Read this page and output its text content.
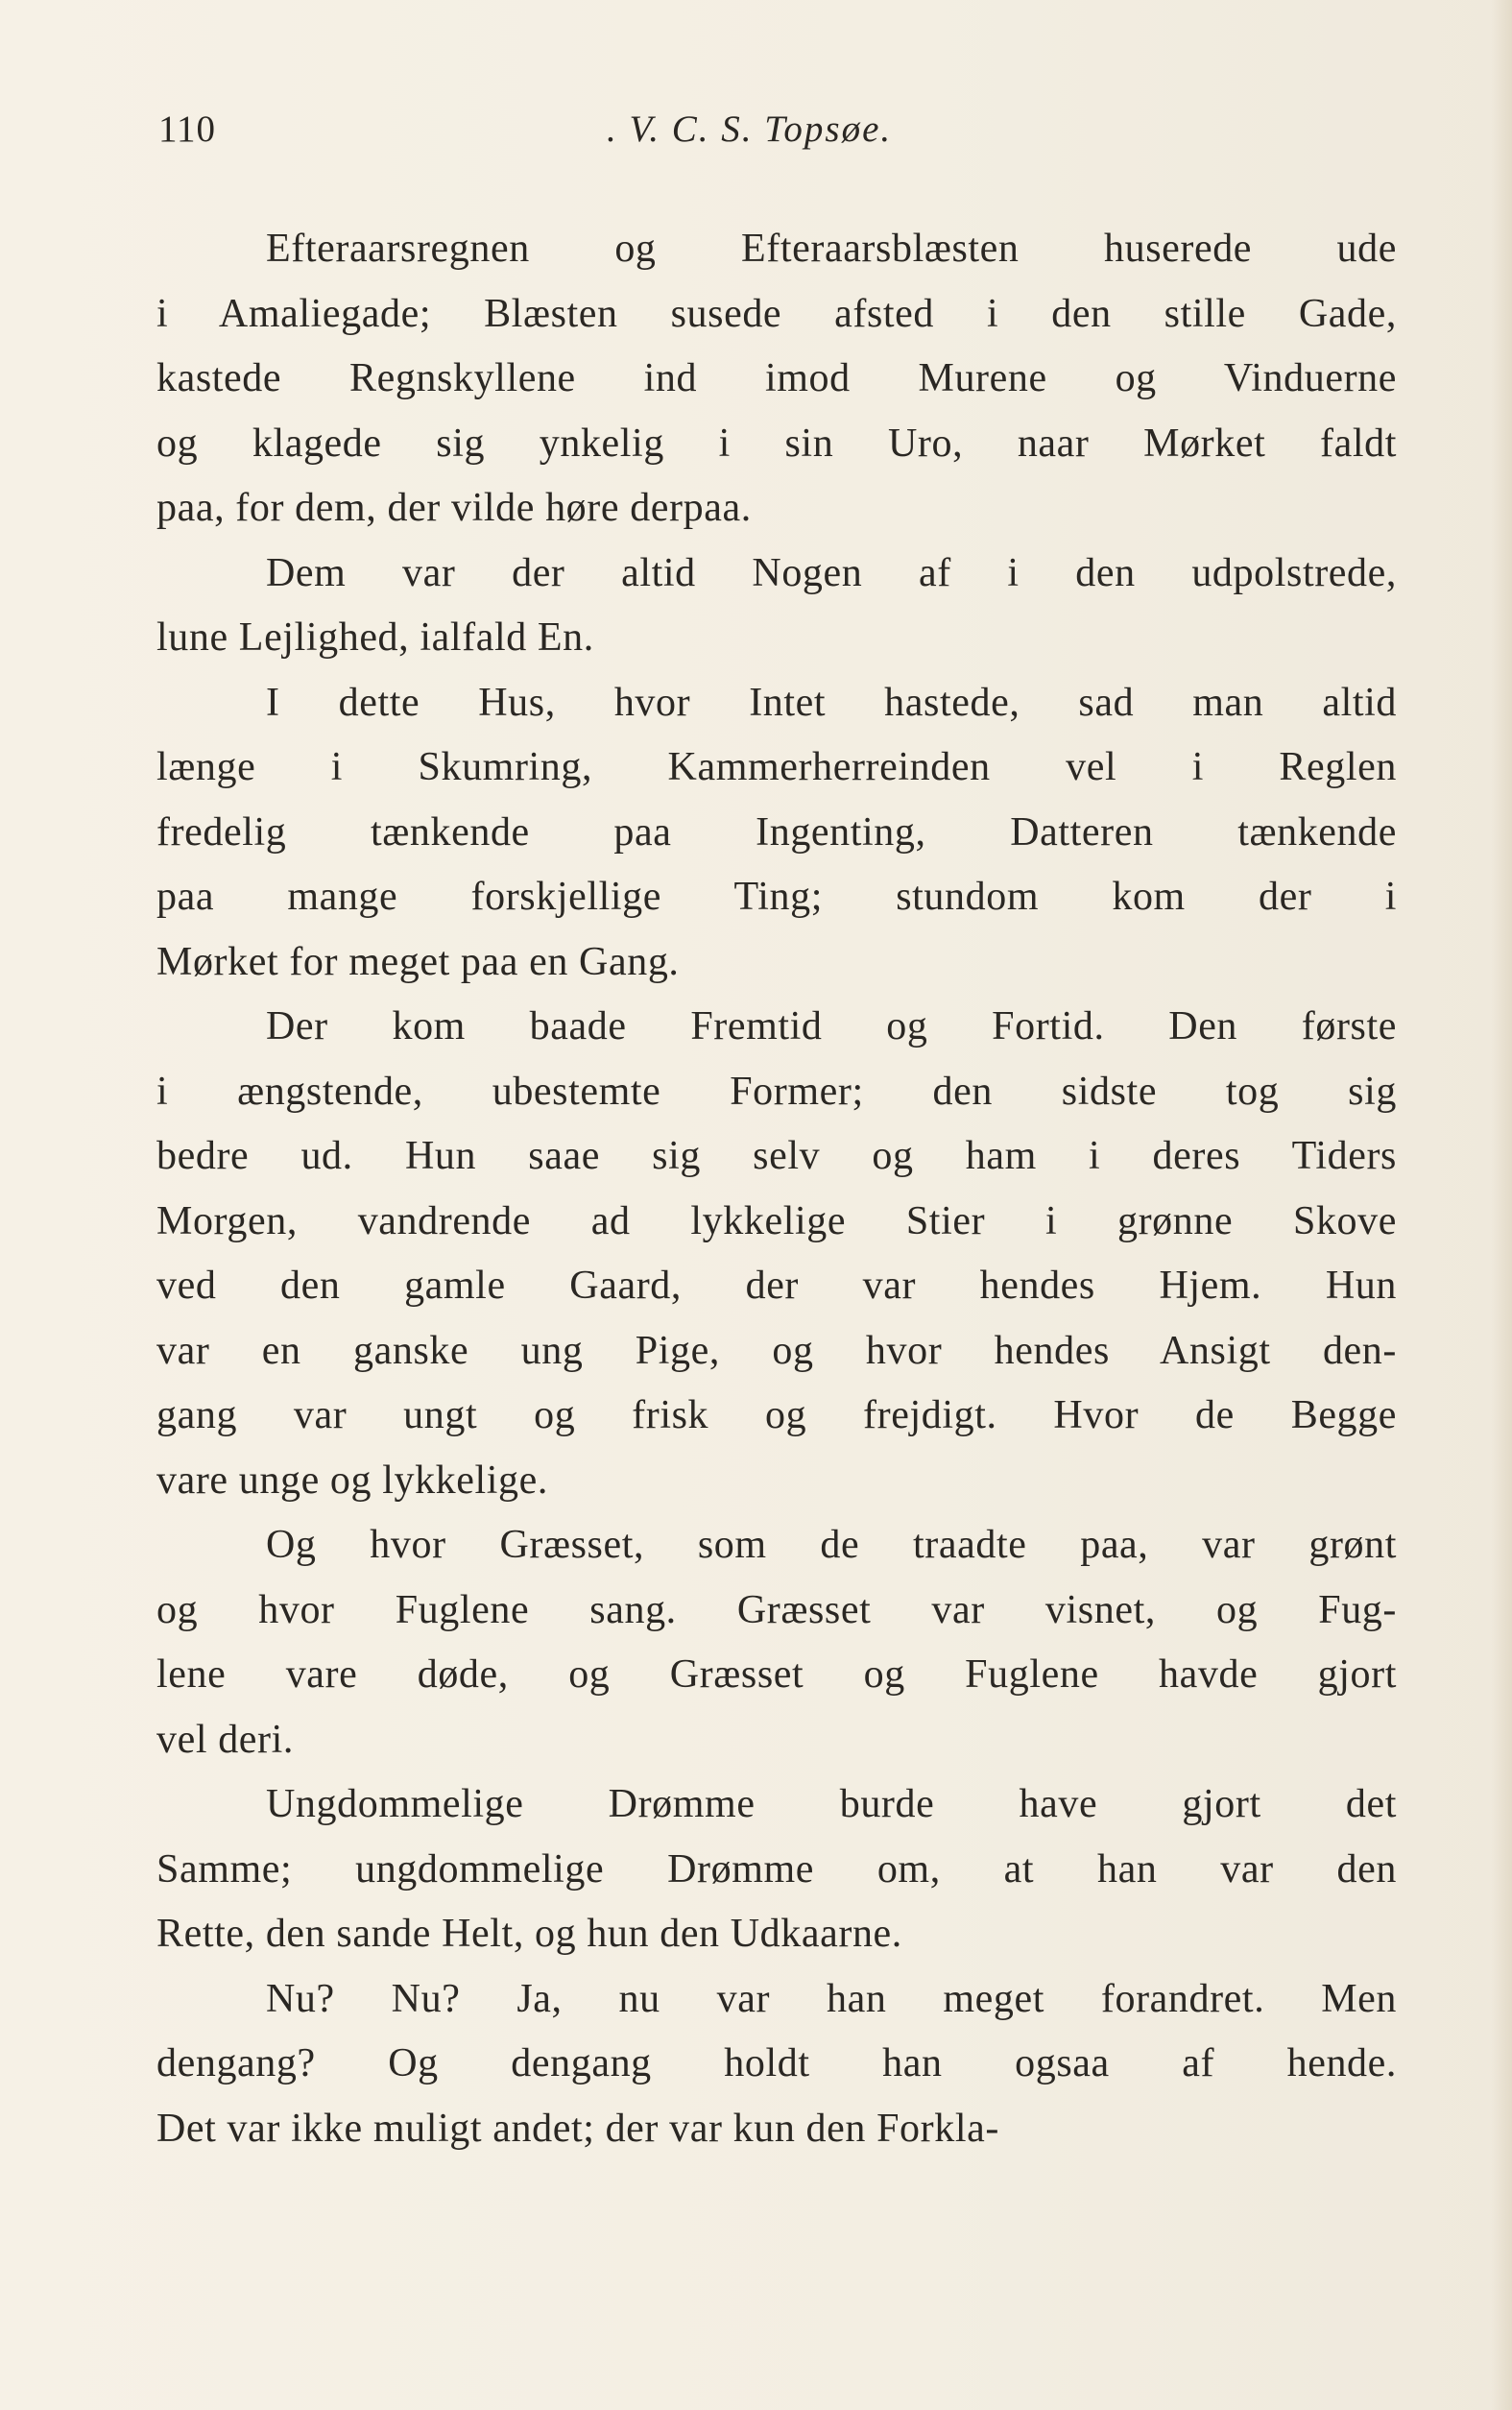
110	. V. C. S. Topsøe.
Efteraarsregnen og Efteraarsblæsten huserede ude
i Amaliegade; Blæsten susede afsted i den stille Gade,
kastede Regnskyllene ind imod Murene og Vinduerne
og klagede sig ynkelig i sin Uro, naar Mørket faldt
paa, for dem, der vilde høre derpaa.
Dem var der altid Nogen af i den udpolstrede,
lune Lejlighed, ialfald En.
I dette Hus, hvor Intet hastede, sad man altid
længe i Skumring, Kammerherreinden vel i Reglen
fredelig tænkende paa Ingenting, Datteren tænkende
paa mange forskjellige Ting; stundom kom der i
Mørket for meget paa en Gang.
Der kom baade Fremtid og Fortid. Den første
i ængstende, ubestemte Former; den sidste tog sig
bedre ud. Hun saae sig selv og ham i deres Tiders
Morgen, vandrende ad lykkelige Stier i grønne Skove
ved den gamle Gaard, der var hendes Hjem. Hun
var en ganske ung Pige, og hvor hendes Ansigt den-
gang var ungt og frisk og frejdigt. Hvor de Begge
vare unge og lykkelige.
Og hvor Græsset, som de traadte paa, var grønt
og hvor Fuglene sang. Græsset var visnet, og Fug-
lene vare døde, og Græsset og Fuglene havde gjort
vel deri.
Ungdommelige Drømme burde have gjort det
Samme; ungdommelige Drømme om, at han var den
Rette, den sande Helt, og hun den Udkaarne.
Nu? Nu? Ja, nu var han meget forandret. Men
dengang? Og dengang holdt han ogsaa af hende.
Det var ikke muligt andet; der var kun den Forkla-
